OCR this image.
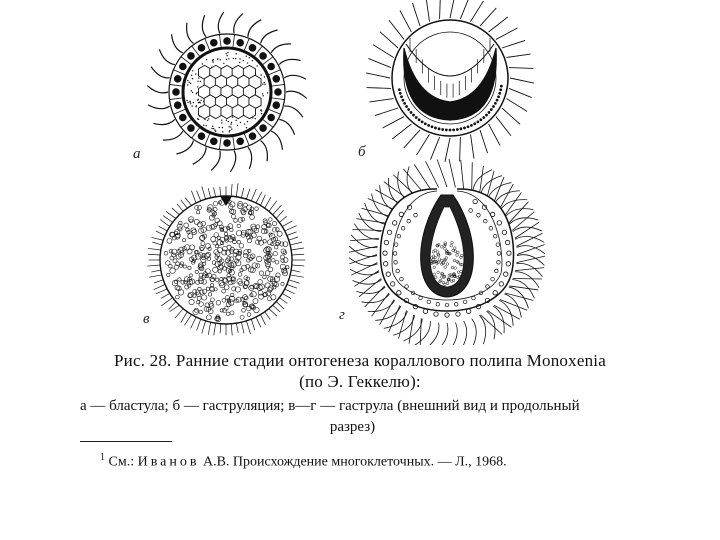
а	б
в	г
Рис. 28. Ранние стадии онтогенеза кораллового полипа Monoxenia
(по Э. Геккелю):
а — бластула; б — гаструляция; в—г — гаструла (внешний вид и продольный
разрез)
$^1$ См.: Иванов А.В. Происхождение многоклеточных. — Л., 1968.
